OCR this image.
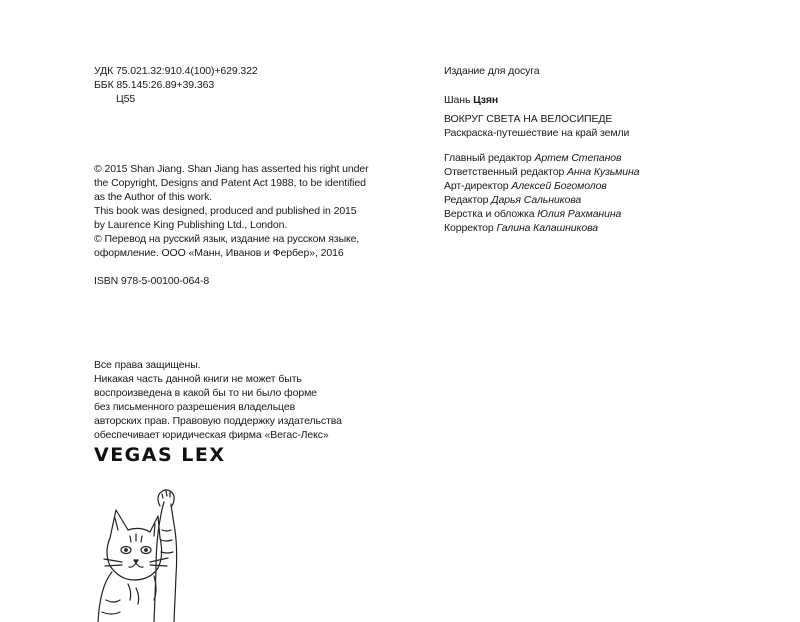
УДК 75.021.32:910.4(100)+629.322
ББК 85.145:26.89+39.363
Ц55
© 2015 Shan Jiang. Shan Jiang has asserted his right under
the Copyright, Designs and Patent Act 1988, to be identified
as the Author of this work.
This book was designed, produced and published in 2015
by Laurence King Publishing Ltd., London.
© Перевод на русский язык, издание на русском языке,
оформление. ООО «Манн, Иванов и Фербер», 2016
ISBN 978-5-00100-064-8
Все права защищены.
Никакая часть данной книги не может быть
воспроизведена в какой бы то ни было форме
без письменного разрешения владельцев
авторских прав. Правовую поддержку издательства
обеспечивает юридическая фирма «Вегас-Лекс»
VEGAS LEX
Издание для досуга
Шань Цзян
ВОКРУГ СВЕТА НА ВЕЛОСИПЕДЕ
Раскраска-путешествие на край земли
Главный редактор Артем Степанов
Ответственный редактор Анна Кузьмина
Арт-директор Алексей Богомолов
Редактор Дарья Сальникова
Верстка и обложка Юлия Рахманина
Корректор Галина Калашникова
